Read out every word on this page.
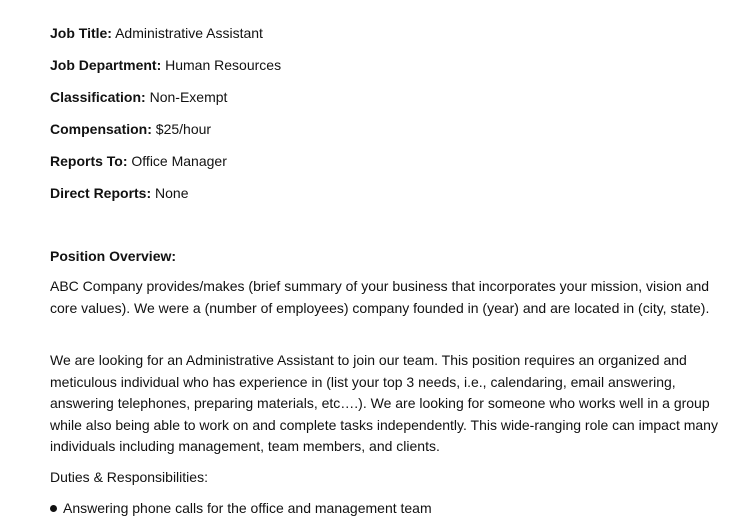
Job Title: Administrative Assistant
Job Department: Human Resources
Classification: Non-Exempt
Compensation: $25/hour
Reports To: Office Manager
Direct Reports: None
Position Overview:
ABC Company provides/makes (brief summary of your business that incorporates your mission, vision and core values). We were a (number of employees) company founded in (year) and are located in (city, state).
We are looking for an Administrative Assistant to join our team. This position requires an organized and meticulous individual who has experience in (list your top 3 needs, i.e., calendaring, email answering, answering telephones, preparing materials, etc….). We are looking for someone who works well in a group while also being able to work on and complete tasks independently. This wide-ranging role can impact many individuals including management, team members, and clients.
Duties & Responsibilities:
Answering phone calls for the office and management team
